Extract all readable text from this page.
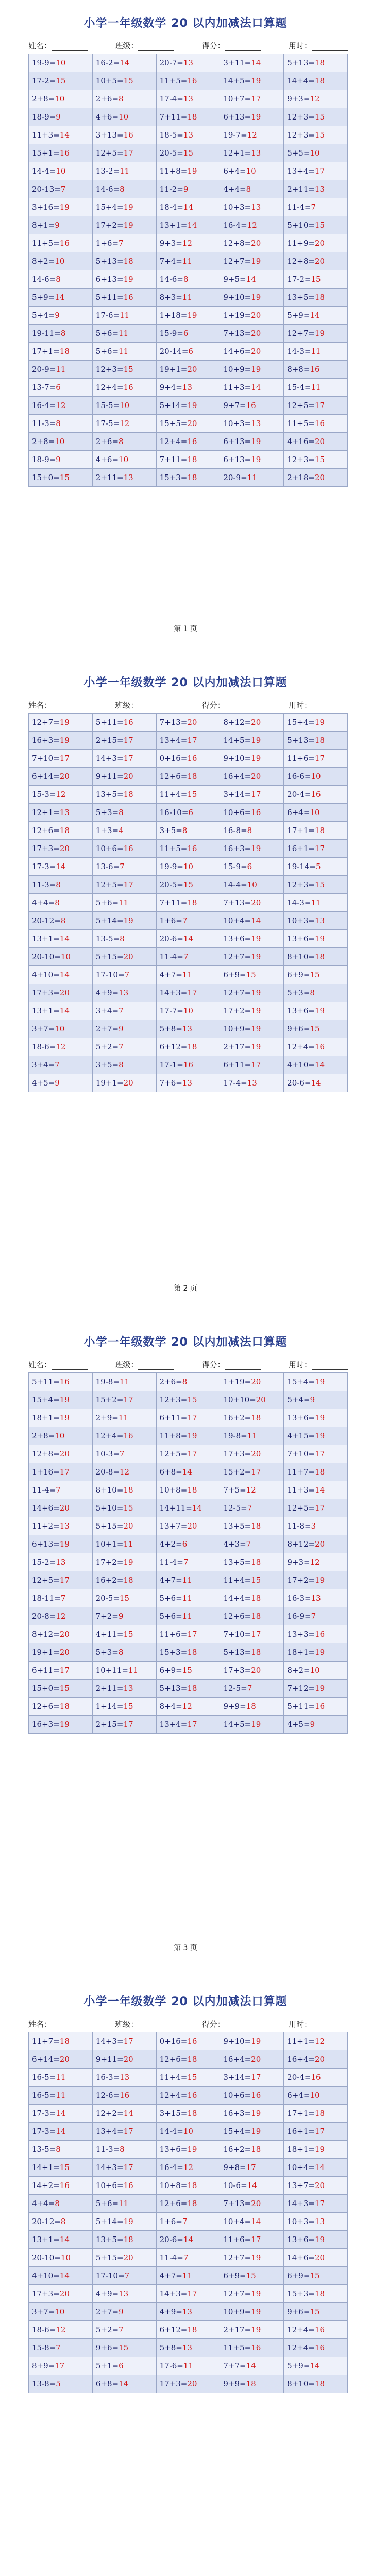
小学一年级数学 20 以内加减法口算题
姓名：	班级：	得分：	用时：
19-9=10	16-2=14	20-7=13	3+11=14	5+13=18
17-2=15	10+5=15	11+5=16	14+5=19	14+4=18
2+8=10	2+6=8	17-4=13	10+7=17	9+3=12
18-9=9	4+6=10	7+11=18	6+13=19	12+3=15
11+3=14	3+13=16	18-5=13	19-7=12	12+3=15
15+1=16	12+5=17	20-5=15	12+1=13	5+5=10
14-4=10	13-2=11	11+8=19	6+4=10	13+4=17
20-13=7	14-6=8	11-2=9	4+4=8	2+11=13
3+16=19	15+4=19	18-4=14	10+3=13	11-4=7
8+1=9	17+2=19	13+1=14	16-4=12	5+10=15
11+5=16	1+6=7	9+3=12	12+8=20	11+9=20
8+2=10	5+13=18	7+4=11	12+7=19	12+8=20
14-6=8	6+13=19	14-6=8	9+5=14	17-2=15
5+9=14	5+11=16	8+3=11	9+10=19	13+5=18
5+4=9	17-6=11	1+18=19	1+19=20	5+9=14
19-11=8	5+6=11	15-9=6	7+13=20	12+7=19
17+1=18	5+6=11	20-14=6	14+6=20	14-3=11
20-9=11	12+3=15	19+1=20	10+9=19	8+8=16
13-7=6	12+4=16	9+4=13	11+3=14	15-4=11
16-4=12	15-5=10	5+14=19	9+7=16	12+5=17
11-3=8	17-5=12	15+5=20	10+3=13	11+5=16
2+8=10	2+6=8	12+4=16	6+13=19	4+16=20
18-9=9	4+6=10	7+11=18	6+13=19	12+3=15
15+0=15	2+11=13	15+3=18	20-9=11	2+18=20
第 1 页
小学一年级数学 20 以内加减法口算题
姓名：	班级：	得分：	用时：
12+7=19	5+11=16	7+13=20	8+12=20	15+4=19
16+3=19	2+15=17	13+4=17	14+5=19	5+13=18
7+10=17	14+3=17	0+16=16	9+10=19	11+6=17
6+14=20	9+11=20	12+6=18	16+4=20	16-6=10
15-3=12	13+5=18	11+4=15	3+14=17	20-4=16
12+1=13	5+3=8	16-10=6	10+6=16	6+4=10
12+6=18	1+3=4	3+5=8	16-8=8	17+1=18
17+3=20	10+6=16	11+5=16	16+3=19	16+1=17
17-3=14	13-6=7	19-9=10	15-9=6	19-14=5
11-3=8	12+5=17	20-5=15	14-4=10	12+3=15
4+4=8	5+6=11	7+11=18	7+13=20	14-3=11
20-12=8	5+14=19	1+6=7	10+4=14	10+3=13
13+1=14	13-5=8	20-6=14	13+6=19	13+6=19
20-10=10	5+15=20	11-4=7	12+7=19	8+10=18
4+10=14	17-10=7	4+7=11	6+9=15	6+9=15
17+3=20	4+9=13	14+3=17	12+7=19	5+3=8
13+1=14	3+4=7	17-7=10	17+2=19	13+6=19
3+7=10	2+7=9	5+8=13	10+9=19	9+6=15
18-6=12	5+2=7	6+12=18	2+17=19	12+4=16
3+4=7	3+5=8	17-1=16	6+11=17	4+10=14
4+5=9	19+1=20	7+6=13	17-4=13	20-6=14
第 2 页
小学一年级数学 20 以内加减法口算题
姓名：	班级：	得分：	用时：
5+11=16	19-8=11	2+6=8	1+19=20	15+4=19
15+4=19	15+2=17	12+3=15	10+10=20	5+4=9
18+1=19	2+9=11	6+11=17	16+2=18	13+6=19
2+8=10	12+4=16	11+8=19	19-8=11	4+15=19
12+8=20	10-3=7	12+5=17	17+3=20	7+10=17
1+16=17	20-8=12	6+8=14	15+2=17	11+7=18
11-4=7	8+10=18	10+8=18	7+5=12	11+3=14
14+6=20	5+10=15	14+11=14	12-5=7	12+5=17
11+2=13	5+15=20	13+7=20	13+5=18	11-8=3
6+13=19	10+1=11	4+2=6	4+3=7	8+12=20
15-2=13	17+2=19	11-4=7	13+5=18	9+3=12
12+5=17	16+2=18	4+7=11	11+4=15	17+2=19
18-11=7	20-5=15	5+6=11	14+4=18	16-3=13
20-8=12	7+2=9	5+6=11	12+6=18	16-9=7
8+12=20	4+11=15	11+6=17	7+10=17	13+3=16
19+1=20	5+3=8	15+3=18	5+13=18	18+1=19
6+11=17	10+11=11	6+9=15	17+3=20	8+2=10
15+0=15	2+11=13	5+13=18	12-5=7	7+12=19
12+6=18	1+14=15	8+4=12	9+9=18	5+11=16
16+3=19	2+15=17	13+4=17	14+5=19	4+5=9
第 3 页
小学一年级数学 20 以内加减法口算题
姓名：	班级：	得分：	用时：
11+7=18	14+3=17	0+16=16	9+10=19	11+1=12
6+14=20	9+11=20	12+6=18	16+4=20	16+4=20
16-5=11	16-3=13	11+4=15	3+14=17	20-4=16
16-5=11	12-6=16	12+4=16	10+6=16	6+4=10
17-3=14	12+2=14	3+15=18	16+3=19	17+1=18
17-3=14	13+4=17	14-4=10	15+4=19	16+1=17
13-5=8	11-3=8	13+6=19	16+2=18	18+1=19
14+1=15	14+3=17	16-4=12	9+8=17	10+4=14
14+2=16	10+6=16	10+8=18	10-6=14	13+7=20
4+4=8	5+6=11	12+6=18	7+13=20	14+3=17
20-12=8	5+14=19	1+6=7	10+4=14	10+3=13
13+1=14	13+5=18	20-6=14	11+6=17	13+6=19
20-10=10	5+15=20	11-4=7	12+7=19	14+6=20
4+10=14	17-10=7	4+7=11	6+9=15	6+9=15
17+3=20	4+9=13	14+3=17	12+7=19	15+3=18
3+7=10	2+7=9	4+9=13	10+9=19	9+6=15
18-6=12	5+2=7	6+12=18	2+17=19	12+4=16
15-8=7	9+6=15	5+8=13	11+5=16	12+4=16
8+9=17	5+1=6	17-6=11	7+7=14	5+9=14
13-8=5	6+8=14	17+3=20	9+9=18	8+10=18
